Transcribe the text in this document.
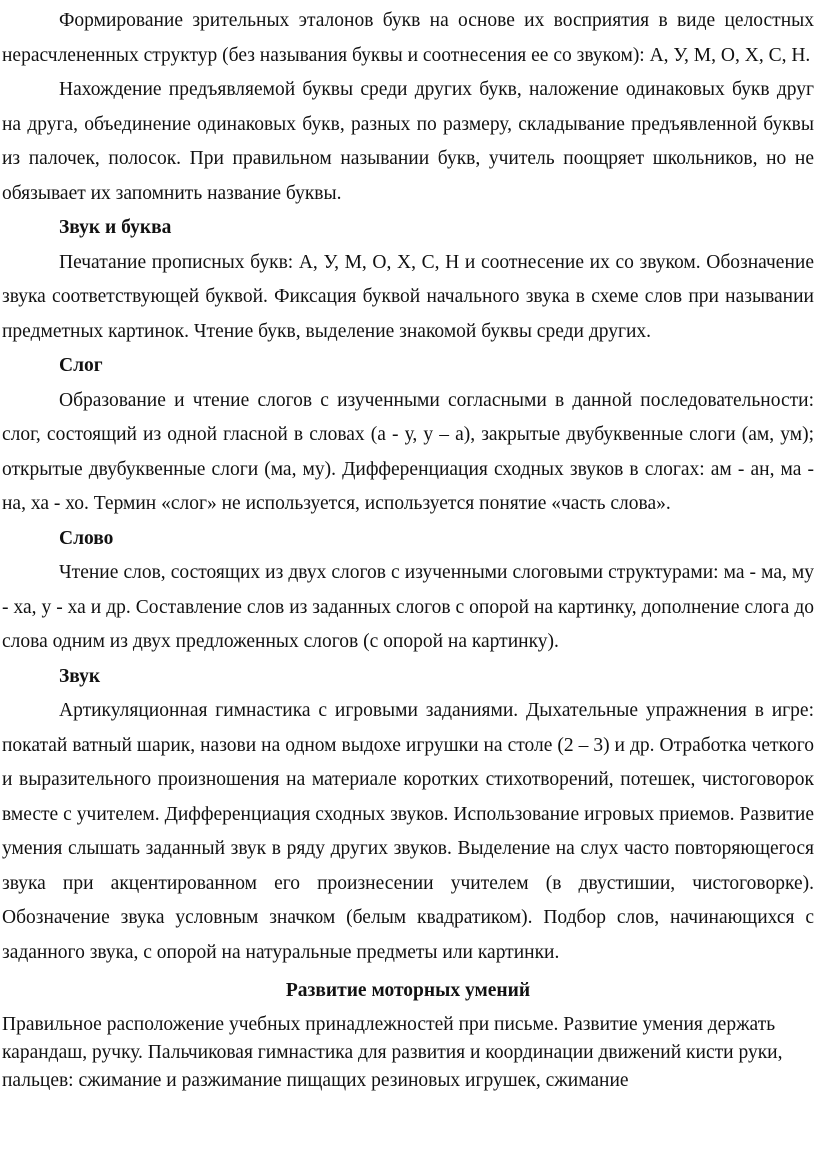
Формирование зрительных эталонов букв на основе их восприятия в виде целостных нерасчлененных структур (без называния буквы и соотнесения ее со звуком): А, У, М, О, Х, С, Н.

Нахождение предъявляемой буквы среди других букв, наложение одинаковых букв друг на друга, объединение одинаковых букв, разных по размеру, складывание предъявленной буквы из палочек, полосок. При правильном назывании букв, учитель поощряет школьников, но не обязывает их запомнить название буквы.

Звук и буква

Печатание прописных букв: А, У, М, О, Х, С, Н и соотнесение их со звуком. Обозначение звука соответствующей буквой. Фиксация буквой начального звука в схеме слов при назывании предметных картинок. Чтение букв, выделение знакомой буквы среди других.

Слог

Образование и чтение слогов с изученными согласными в данной последовательности: слог, состоящий из одной гласной в словах (а - у, у – а), закрытые двубуквенные слоги (ам, ум); открытые двубуквенные слоги (ма, му). Дифференциация сходных звуков в слогах: ам - ан, ма - на, ха - хо. Термин «слог» не используется, используется понятие «часть слова».

Слово

Чтение слов, состоящих из двух слогов с изученными слоговыми структурами: ма - ма, му - ха, у - ха и др. Составление слов из заданных слогов с опорой на картинку, дополнение слога до слова одним из двух предложенных слогов (с опорой на картинку).

Звук

Артикуляционная гимнастика с игровыми заданиями. Дыхательные упражнения в игре: покатай ватный шарик, назови на одном выдохе игрушки на столе (2 – 3) и др. Отработка четкого и выразительного произношения на материале коротких стихотворений, потешек, чистоговорок вместе с учителем. Дифференциация сходных звуков. Использование игровых приемов. Развитие умения слышать заданный звук в ряду других звуков. Выделение на слух часто повторяющегося звука при акцентированном его произнесении учителем (в двустишии, чистоговорке). Обозначение звука условным значком (белым квадратиком). Подбор слов, начинающихся с заданного звука, с опорой на натуральные предметы или картинки.

Развитие моторных умений

Правильное расположение учебных принадлежностей при письме. Развитие умения держать карандаш, ручку. Пальчиковая гимнастика для развития и координации движений кисти руки, пальцев: сжимание и разжимание пищащих резиновых игрушек, сжимание
